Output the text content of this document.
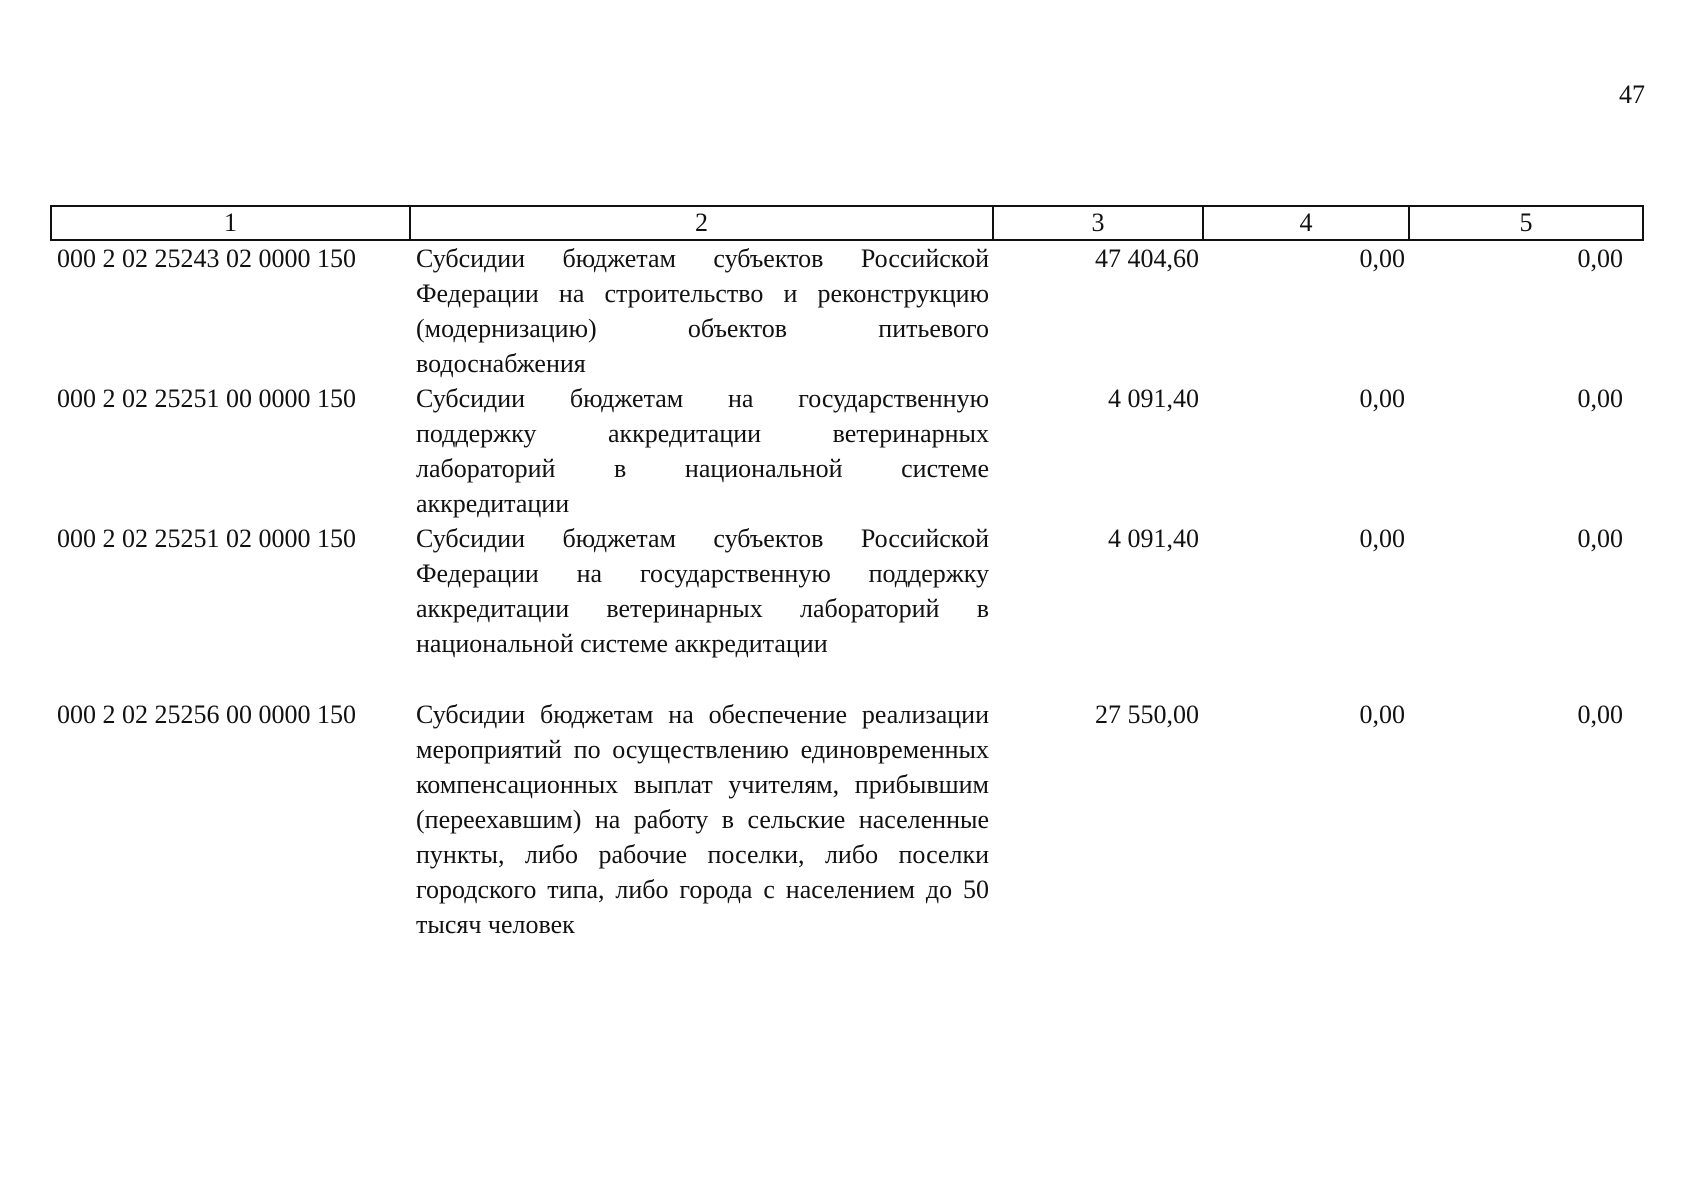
47
1	2	3	4	5
000 2 02 25243 02 0000 150	Субсидии бюджетам субъектов Российской Федерации на строительство и реконструкцию (модернизацию) объектов питьевого водоснабжения	47 404,60	0,00	0,00
000 2 02 25251 00 0000 150	Субсидии бюджетам на государственную поддержку аккредитации ветеринарных лабораторий в национальной системе аккредитации	4 091,40	0,00	0,00
000 2 02 25251 02 0000 150	Субсидии бюджетам субъектов Российской Федерации на государственную поддержку аккредитации ветеринарных лабораторий в национальной системе аккредитации	4 091,40	0,00	0,00
000 2 02 25256 00 0000 150	Субсидии бюджетам на обеспечение реализации мероприятий по осуществлению единовременных компенсационных выплат учителям, прибывшим (переехавшим) на работу в сельские населенные пункты, либо рабочие поселки, либо поселки городского типа, либо города с населением до 50 тысяч человек	27 550,00	0,00	0,00
